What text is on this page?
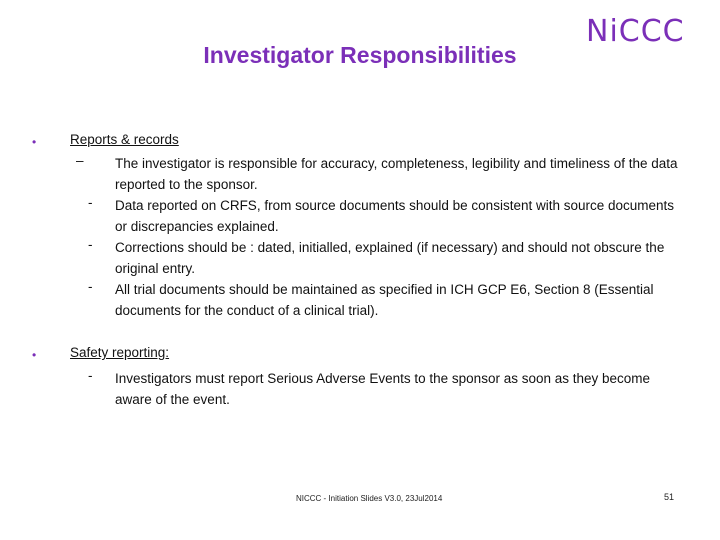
Investigator Responsibilities
NiCCC
•	Reports & records
– The investigator is responsible for accuracy, completeness, legibility and timeliness of the data reported to the sponsor.
- Data reported on CRFS, from source documents should be consistent with source documents or discrepancies explained.
- Corrections should be : dated, initialled, explained (if necessary) and should not obscure the original entry.
- All trial documents should be maintained as specified in ICH GCP E6, Section 8 (Essential documents for the conduct of a clinical trial).
•	Safety reporting:
- Investigators must report Serious Adverse Events to the sponsor as soon as they become aware of the event.
NICCC - Initiation Slides V3.0, 23Jul2014	51
